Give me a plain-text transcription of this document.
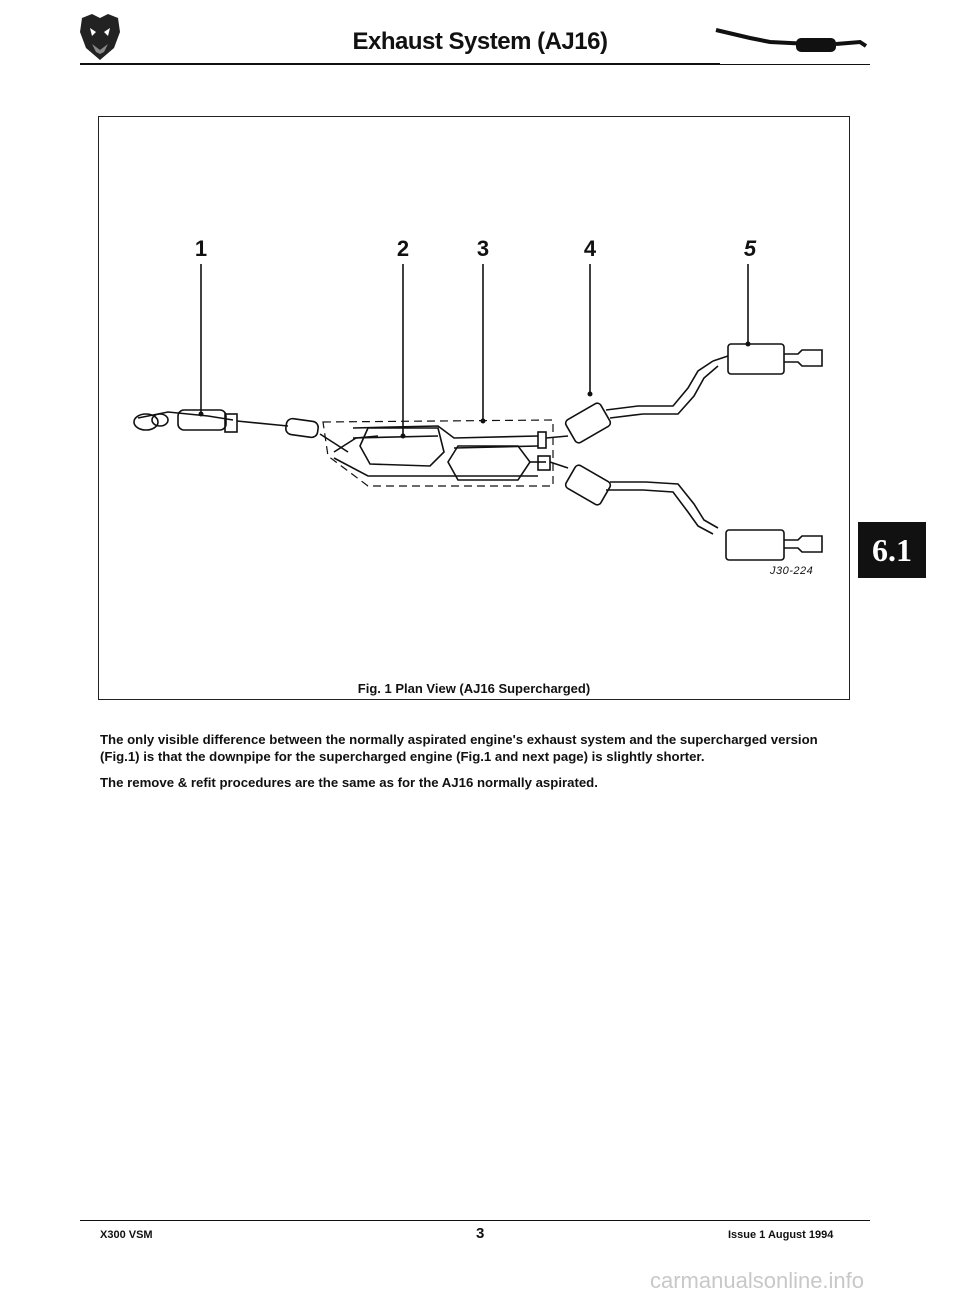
Exhaust System (AJ16)
1	2	3	4	5
J30-224
Fig. 1 Plan View (AJ16 Supercharged)
The only visible difference between the normally aspirated engine's exhaust system and the supercharged version (Fig.1) is that the downpipe for the supercharged engine (Fig.1 and next page) is slightly shorter.
The remove & refit procedures are the same as for the AJ16 normally aspirated.
6.1
X300 VSM	3	Issue 1 August 1994
carmanualsonline.info
